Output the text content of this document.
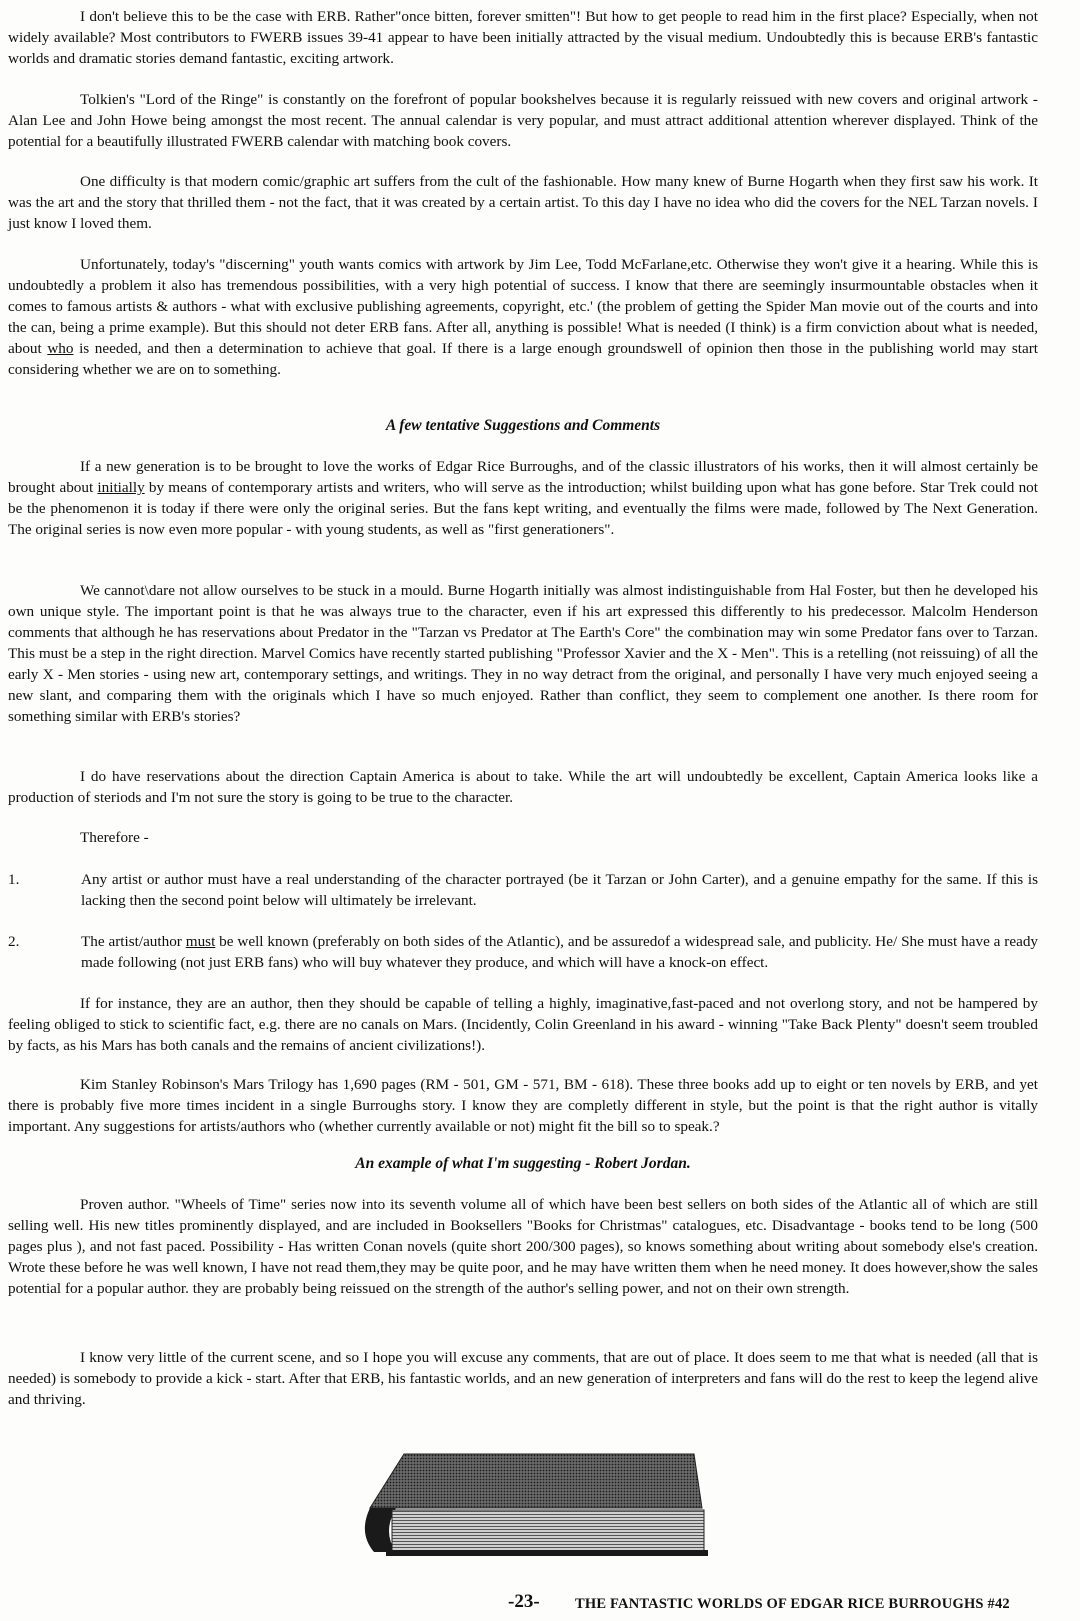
I don't believe this to be the case with ERB. Rather"once bitten, forever smitten"! But how to get people to read him in the first place? Especially, when not widely available? Most contributors to FWERB issues 39-41 appear to have been initially attracted by the visual medium. Undoubtedly this is because ERB's fantastic worlds and dramatic stories demand fantastic, exciting artwork.

Tolkien's "Lord of the Ringe" is constantly on the forefront of popular bookshelves because it is regularly reissued with new covers and original artwork - Alan Lee and John Howe being amongst the most recent. The annual calendar is very popular, and must attract additional attention wherever displayed. Think of the potential for a beautifully illustrated FWERB calendar with matching book covers.

One difficulty is that modern comic/graphic art suffers from the cult of the fashionable. How many knew of Burne Hogarth when they first saw his work. It was the art and the story that thrilled them - not the fact, that it was created by a certain artist. To this day I have no idea who did the covers for the NEL Tarzan novels. I just know I loved them.

Unfortunately, today's "discerning" youth wants comics with artwork by Jim Lee, Todd McFarlane,etc. Otherwise they won't give it a hearing. While this is undoubtedly a problem it also has tremendous possibilities, with a very high potential of success. I know that there are seemingly insurmountable obstacles when it comes to famous artists & authors - what with exclusive publishing agreements, copyright, etc.' (the problem of getting the Spider Man movie out of the courts and into the can, being a prime example). But this should not deter ERB fans. After all, anything is possible! What is needed (I think) is a firm conviction about what is needed, about who is needed, and then a determination to achieve that goal. If there is a large enough groundswell of opinion then those in the publishing world may start considering whether we are on to something.

A few tentative Suggestions and Comments

If a new generation is to be brought to love the works of Edgar Rice Burroughs, and of the classic illustrators of his works, then it will almost certainly be brought about initially by means of contemporary artists and writers, who will serve as the introduction; whilst building upon what has gone before. Star Trek could not be the phenomenon it is today if there were only the original series. But the fans kept writing, and eventually the films were made, followed by The Next Generation. The original series is now even more popular - with young students, as well as "first generationers".

We cannot\dare not allow ourselves to be stuck in a mould. Burne Hogarth initially was almost indistinguishable from Hal Foster, but then he developed his own unique style. The important point is that he was always true to the character, even if his art expressed this differently to his predecessor. Malcolm Henderson comments that although he has reservations about Predator in the "Tarzan vs Predator at The Earth's Core" the combination may win some Predator fans over to Tarzan. This must be a step in the right direction. Marvel Comics have recently started publishing "Professor Xavier and the X - Men". This is a retelling (not reissuing) of all the early X - Men stories - using new art, contemporary settings, and writings. They in no way detract from the original, and personally I have very much enjoyed seeing a new slant, and comparing them with the originals which I have so much enjoyed. Rather than conflict, they seem to complement one another. Is there room for something similar with ERB's stories?

I do have reservations about the direction Captain America is about to take. While the art will undoubtedly be excellent, Captain America looks like a production of steriods and I'm not sure the story is going to be true to the character.

Therefore -

1.	Any artist or author must have a real understanding of the character portrayed (be it Tarzan or John Carter), and a genuine empathy for the same. If this is lacking then the second point below will ultimately be irrelevant.

2.	The artist/author must be well known (preferably on both sides of the Atlantic), and be assuredof a widespread sale, and publicity. He/ She must have a ready made following (not just ERB fans) who will buy whatever they produce, and which will have a knock-on effect.

If for instance, they are an author, then they should be capable of telling a highly, imaginative,fast-paced and not overlong story, and not be hampered by feeling obliged to stick to scientific fact, e.g. there are no canals on Mars. (Incidently, Colin Greenland in his award - winning "Take Back Plenty" doesn't seem troubled by facts, as his Mars has both canals and the remains of ancient civilizations!).

Kim Stanley Robinson's Mars Trilogy has 1,690 pages (RM - 501, GM - 571, BM - 618). These three books add up to eight or ten novels by ERB, and yet there is probably five more times incident in a single Burroughs story. I know they are completly different in style, but the point is that the right author is vitally important. Any suggestions for artists/authors who (whether currently available or not) might fit the bill so to speak.?

An example of what I'm suggesting - Robert Jordan.

Proven author. "Wheels of Time" series now into its seventh volume all of which have been best sellers on both sides of the Atlantic all of which are still selling well. His new titles prominently displayed, and are included in Booksellers "Books for Christmas" catalogues, etc. Disadvantage - books tend to be long (500 pages plus ), and not fast paced. Possibility - Has written Conan novels (quite short 200/300 pages), so knows something about writing about somebody else's creation. Wrote these before he was well known, I have not read them,they may be quite poor, and he may have written them when he need money. It does however,show the sales potential for a popular author. they are probably being reissued on the strength of the author's selling power, and not on their own strength.

I know very little of the current scene, and so I hope you will excuse any comments, that are out of place. It does seem to me that what is needed (all that is needed) is somebody to provide a kick - start. After that ERB, his fantastic worlds, and an new generation of interpreters and fans will do the rest to keep the legend alive and thriving.

-23- THE FANTASTIC WORLDS OF EDGAR RICE BURROUGHS #42
